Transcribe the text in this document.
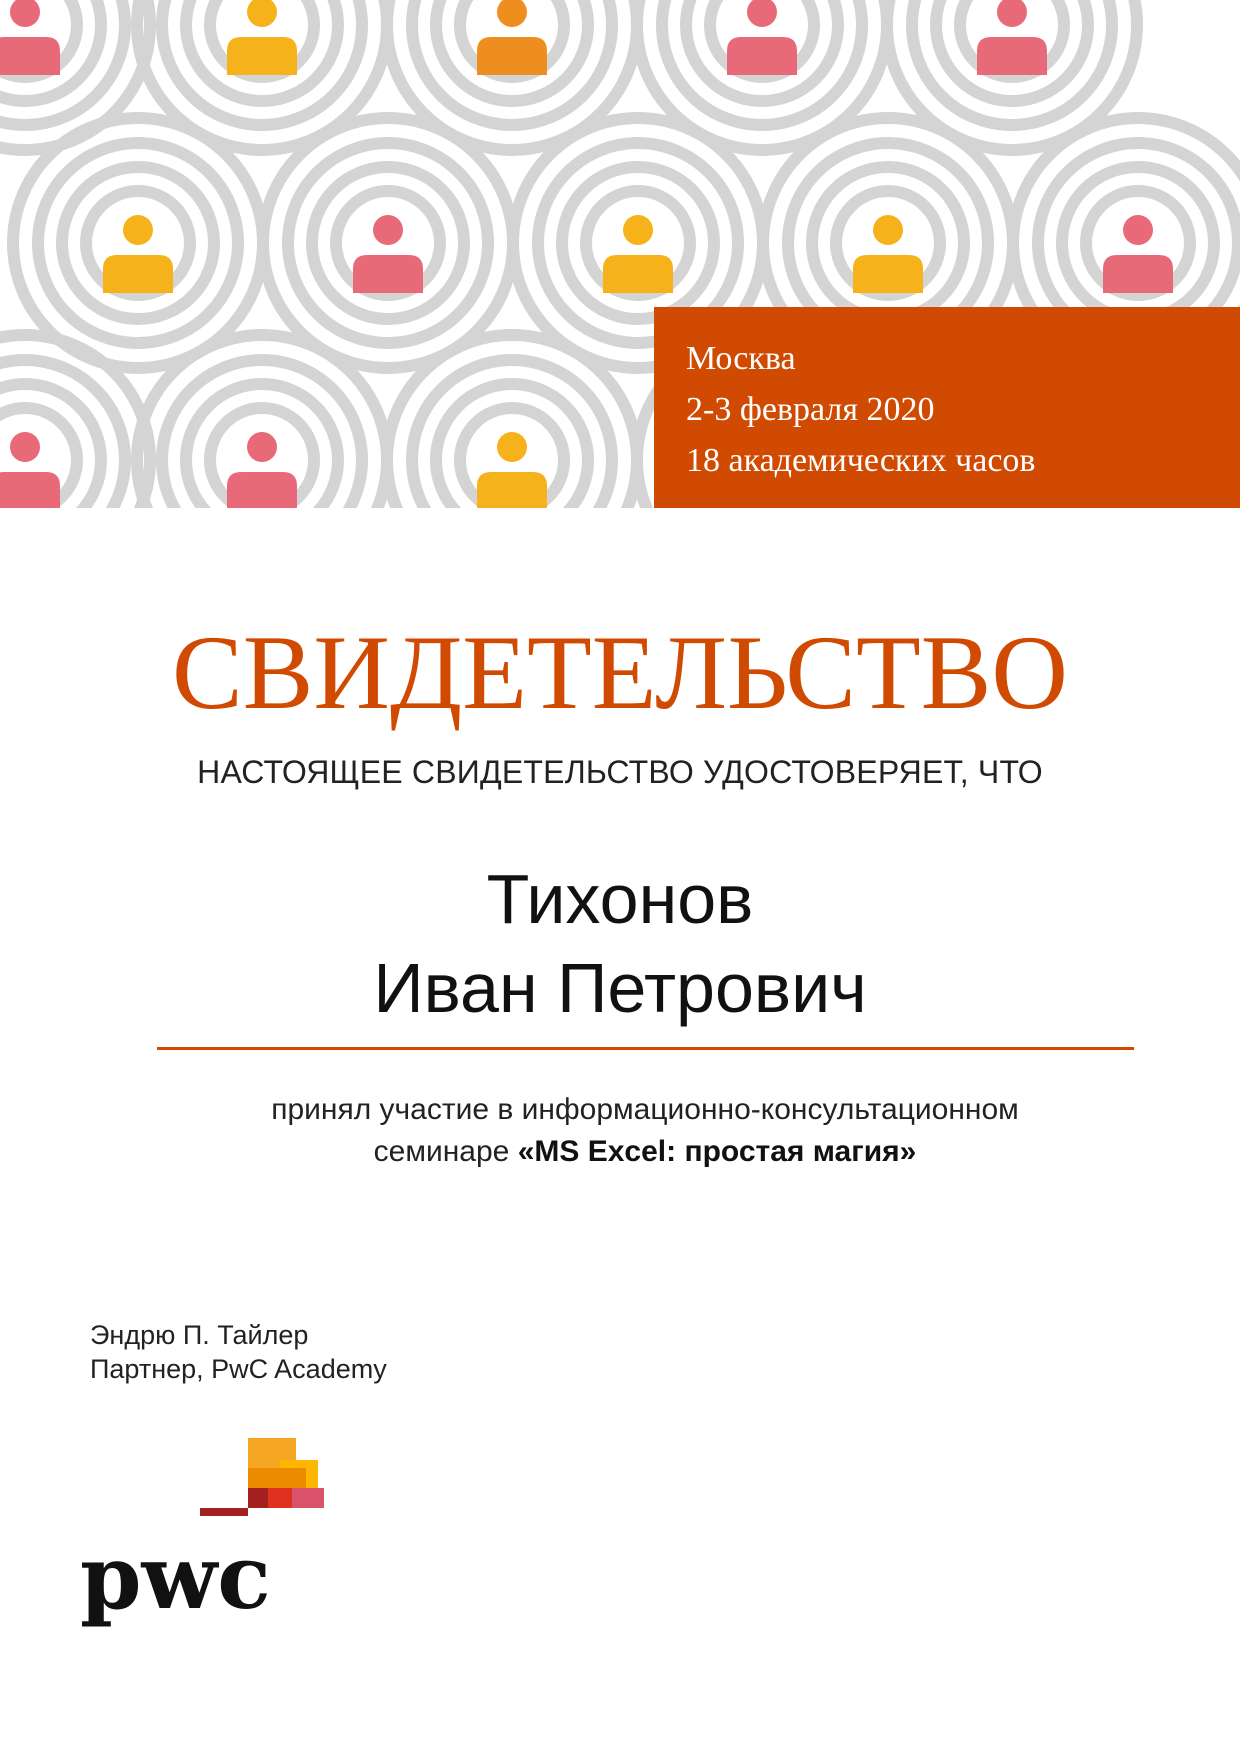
Москва
2-3 февраля 2020
18 академических часов
СВИДЕТЕЛЬСТВО
НАСТОЯЩЕЕ СВИДЕТЕЛЬСТВО УДОСТОВЕРЯЕТ, ЧТО
Тихонов
Иван Петрович
принял участие в информационно-консультационном
семинаре «MS Excel: простая магия»
Эндрю П. Тайлер
Партнер, PwC Academy
pwc
